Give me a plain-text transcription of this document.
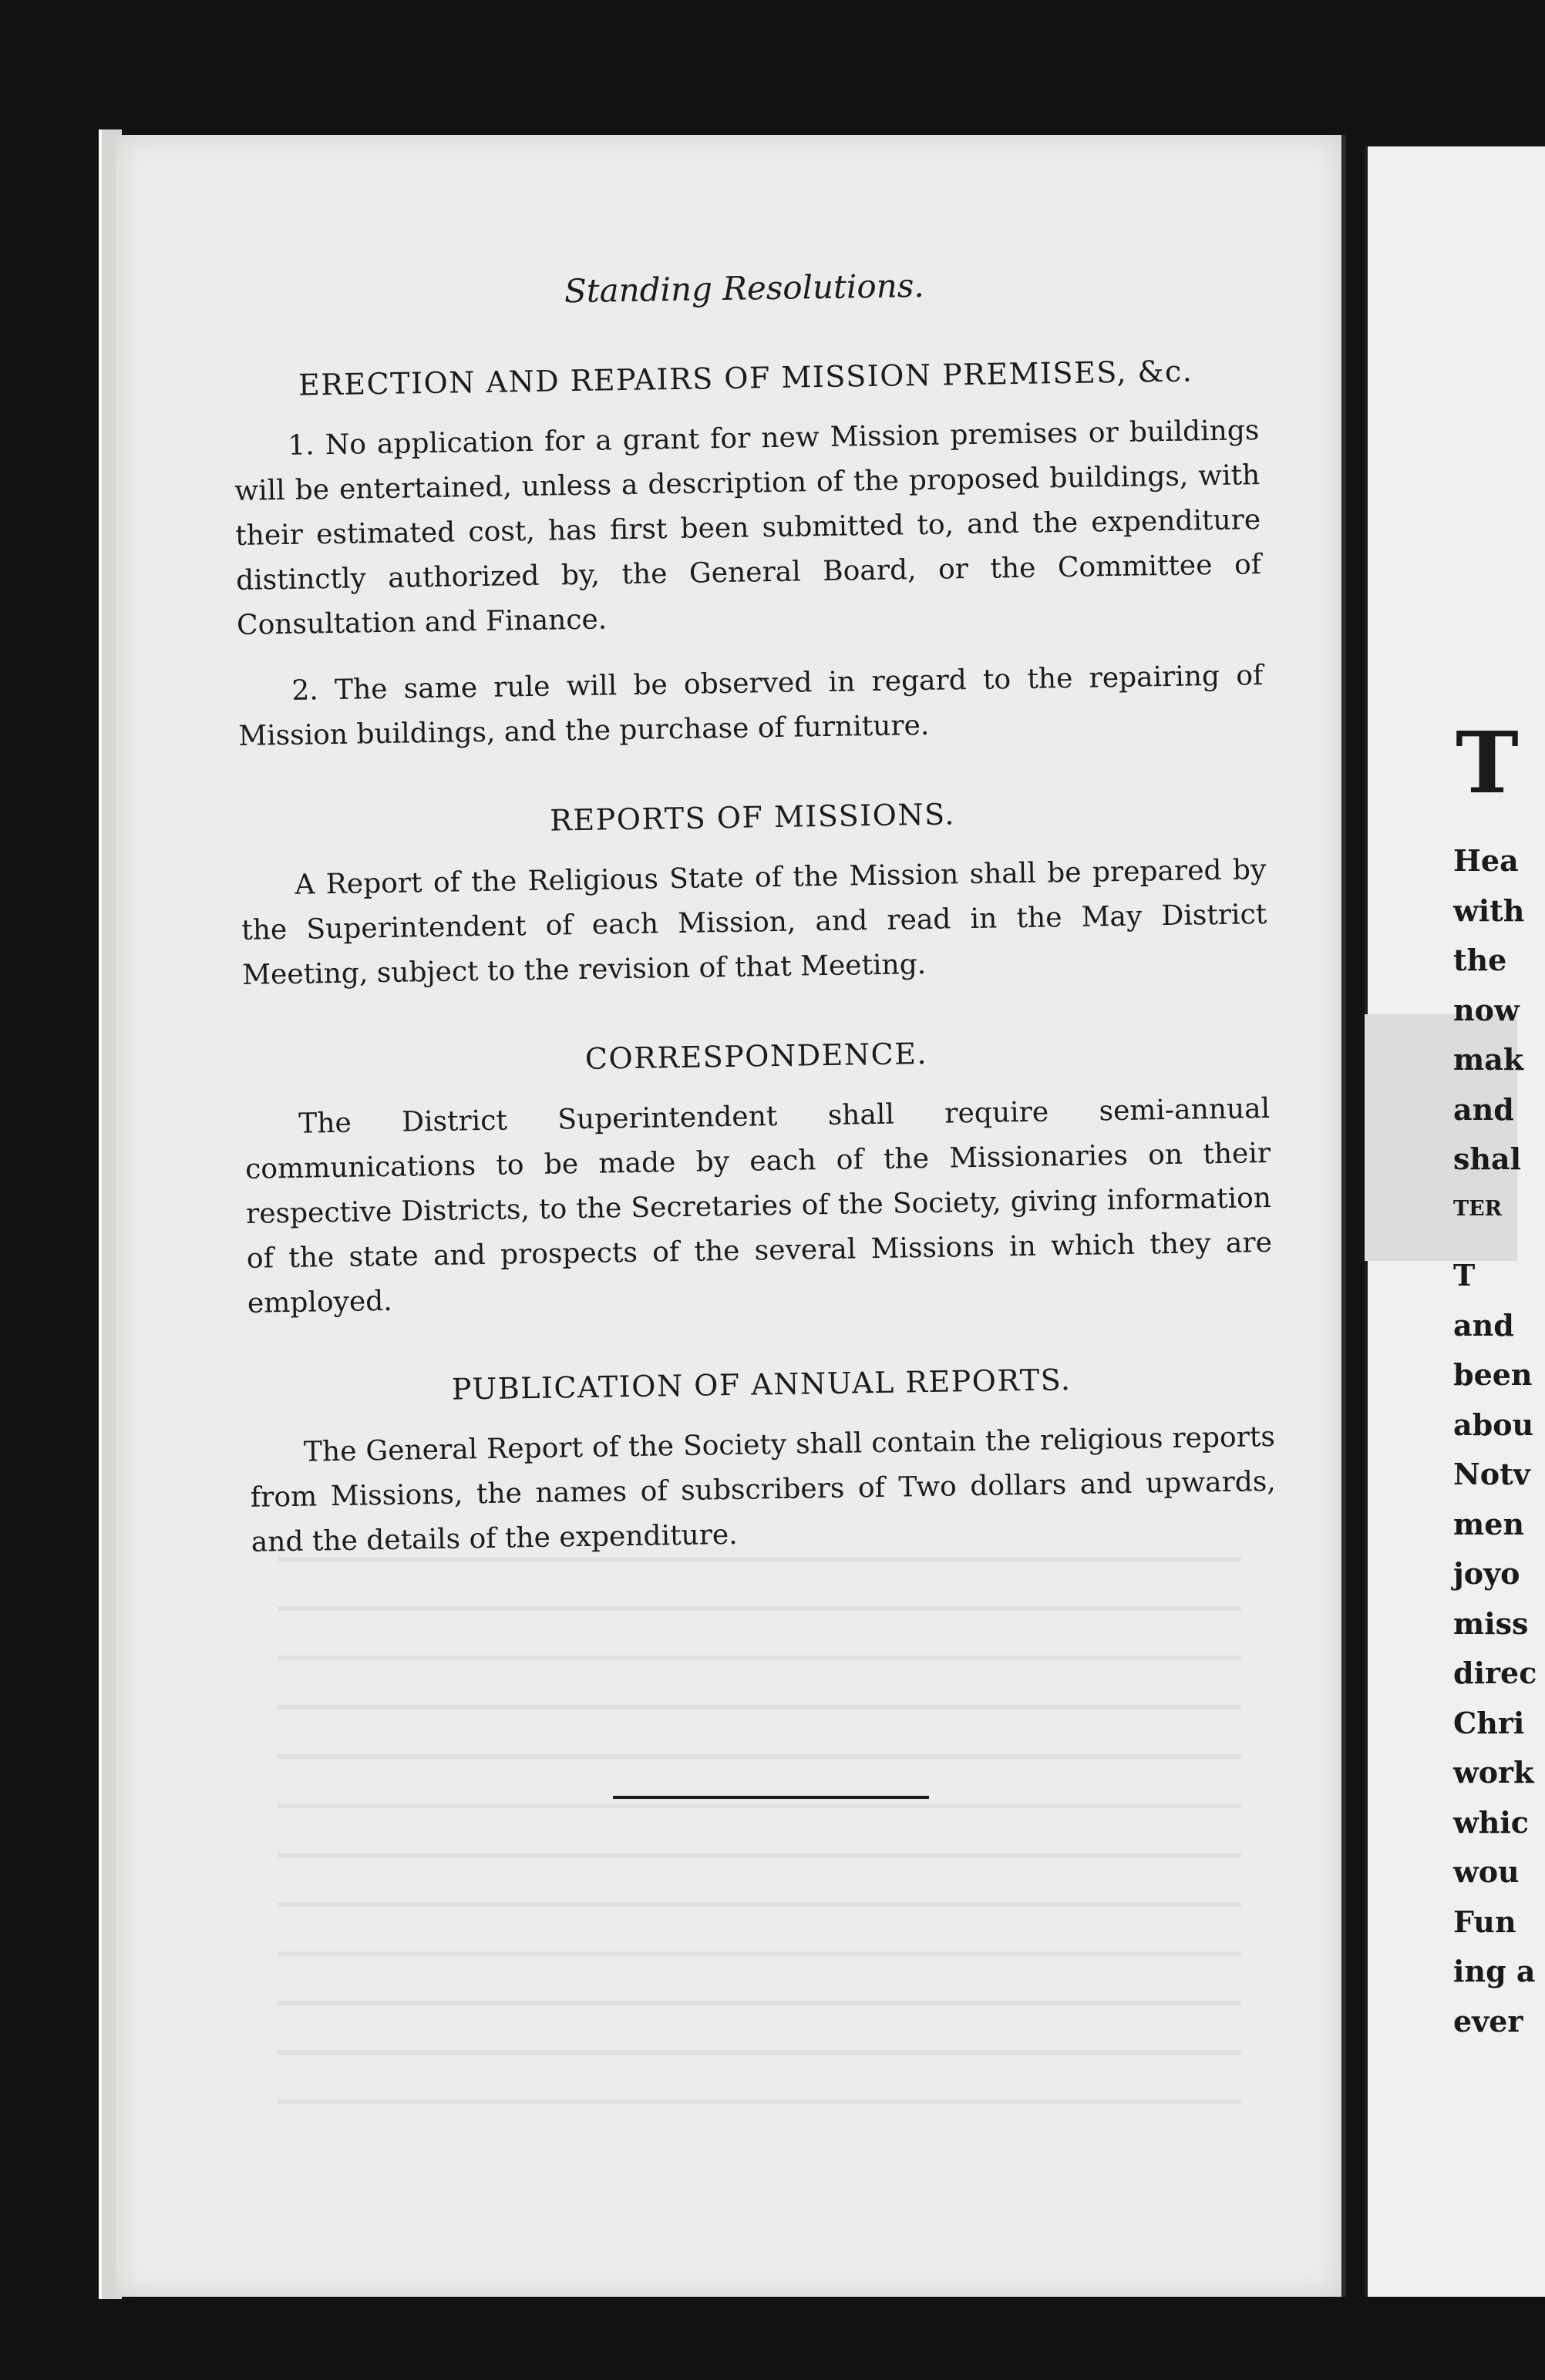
Standing Resolutions.
ERECTION AND REPAIRS OF MISSION PREMISES, &c.

1. No application for a grant for new Mission premises or buildings will be entertained, unless a description of the proposed buildings, with their estimated cost, has first been submitted to, and the expenditure distinctly authorized by, the General Board, or the Committee of Consultation and Finance.

2. The same rule will be observed in regard to the repairing of Mission buildings, and the purchase of furniture.

REPORTS OF MISSIONS.

A Report of the Religious State of the Mission shall be prepared by the Superintendent of each Mission, and read in the May District Meeting, subject to the revision of that Meeting.

CORRESPONDENCE.

The District Superintendent shall require semi-annual communications to be made by each of the Missionaries on their respective Districts, to the Secretaries of the Society, giving information of the state and prospects of the several Missions in which they are employed.

PUBLICATION OF ANNUAL REPORTS.

The General Report of the Society shall contain the religious reports from Missions, the names of subscribers of Two dollars and upwards, and the details of the expenditure.

T
Hea
with
the
now
mak
and
shal
TER
T
and
been
abou
Notv
men
joyo
miss
direc
Chri
work
whic
wou
Fun
ing a
ever
